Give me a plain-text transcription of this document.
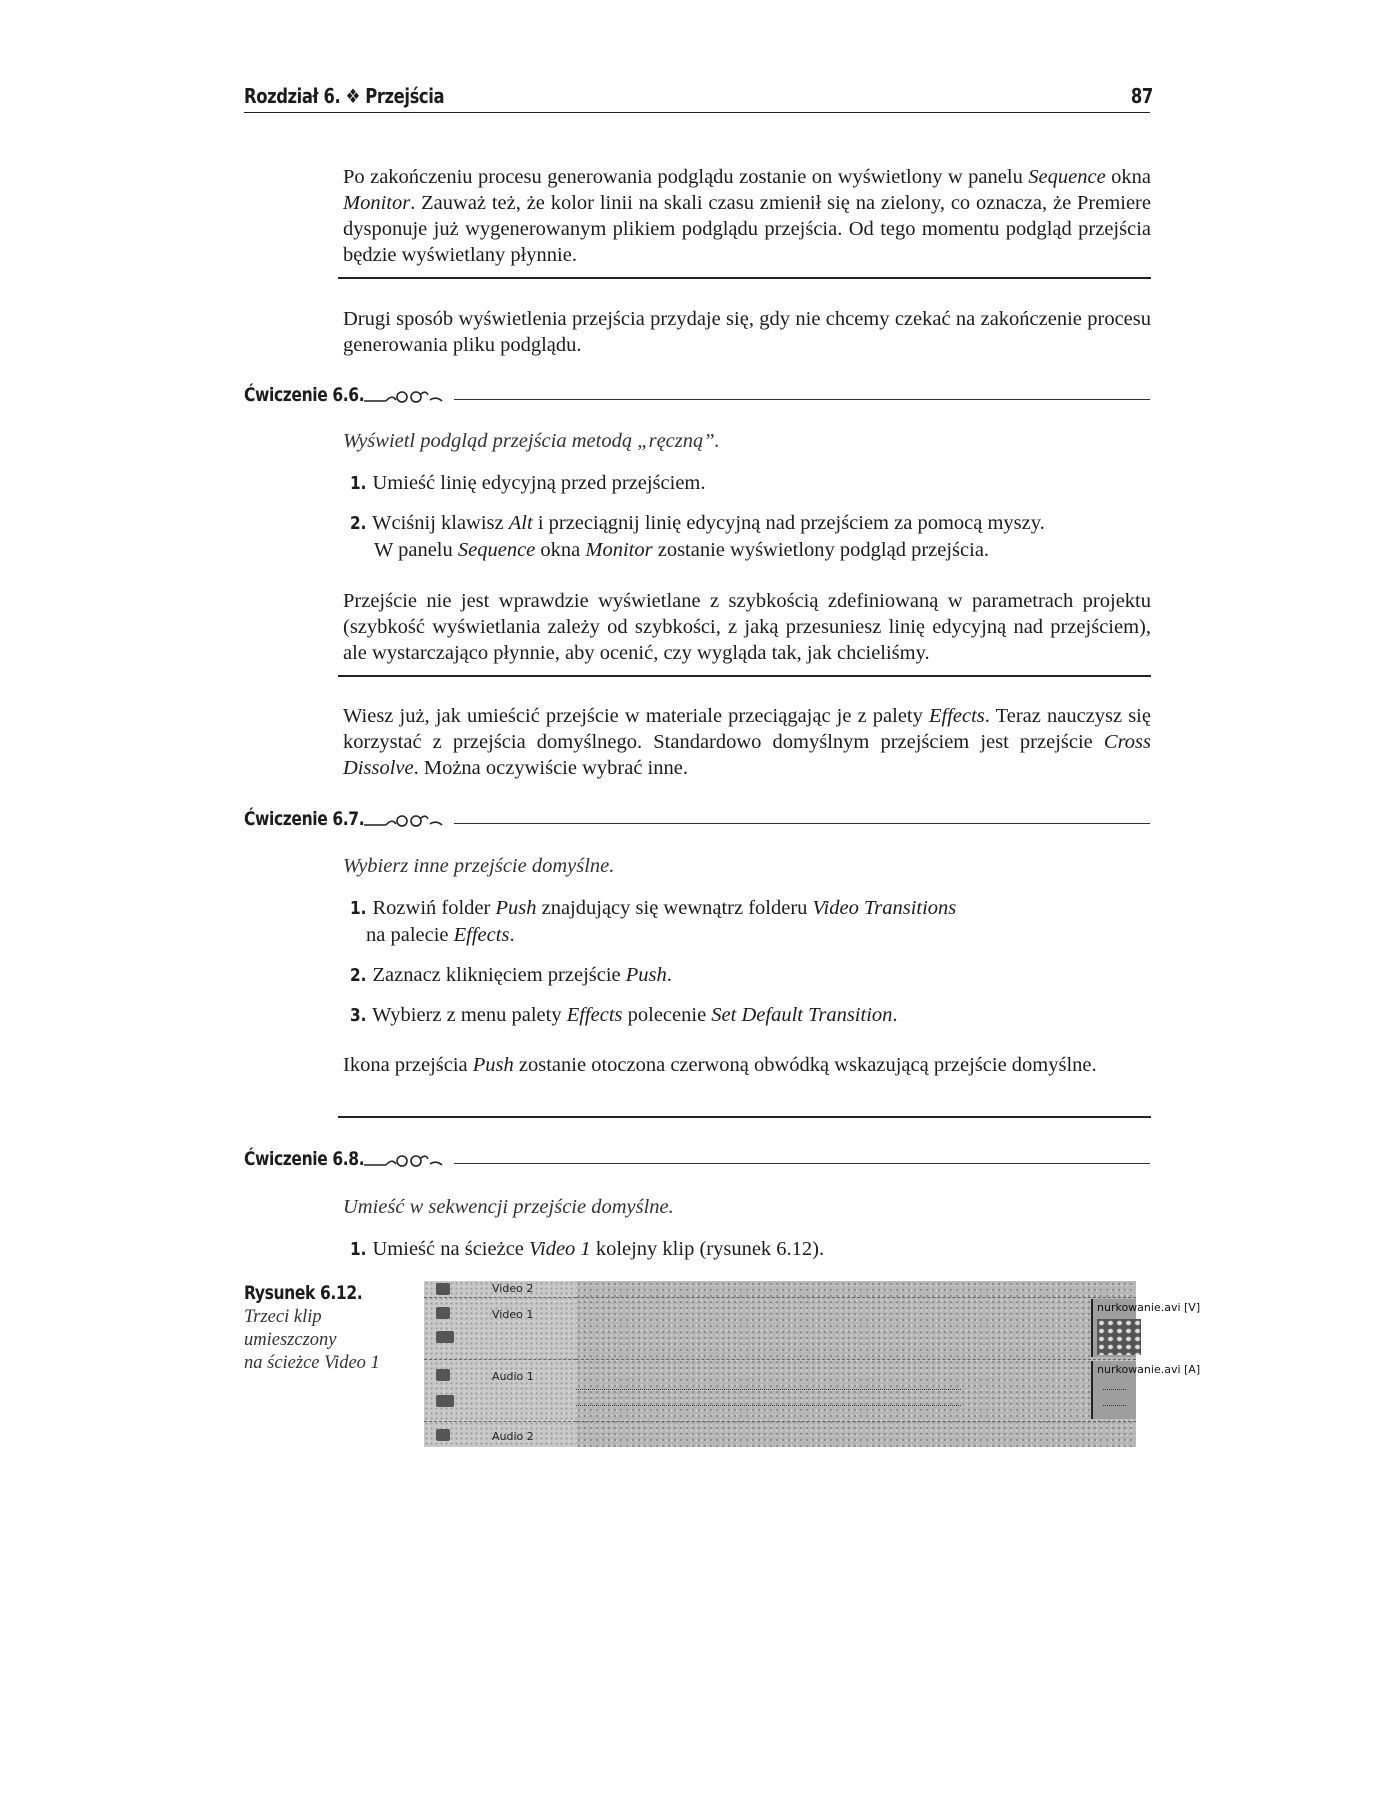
Rozdział 6. ❖ Przejścia	87
Po zakończeniu procesu generowania podglądu zostanie on wyświetlony w panelu Sequence okna Monitor. Zauważ też, że kolor linii na skali czasu zmienił się na zielony, co oznacza, że Premiere dysponuje już wygenerowanym plikiem podglądu przejścia. Od tego momentu podgląd przejścia będzie wyświetlany płynnie.
Drugi sposób wyświetlenia przejścia przydaje się, gdy nie chcemy czekać na zakończenie procesu generowania pliku podglądu.
Ćwiczenie 6.6.
Wyświetl podgląd przejścia metodą „ręczną”.
1. Umieść linię edycyjną przed przejściem.
2. Wciśnij klawisz Alt i przeciągnij linię edycyjną nad przejściem za pomocą myszy.
W panelu Sequence okna Monitor zostanie wyświetlony podgląd przejścia.
Przejście nie jest wprawdzie wyświetlane z szybkością zdefiniowaną w parametrach projektu (szybkość wyświetlania zależy od szybkości, z jaką przesuniesz linię edycyjną nad przejściem), ale wystarczająco płynnie, aby ocenić, czy wygląda tak, jak chcieliśmy.
Wiesz już, jak umieścić przejście w materiale przeciągając je z palety Effects. Teraz nauczysz się korzystać z przejścia domyślnego. Standardowo domyślnym przejściem jest przejście Cross Dissolve. Można oczywiście wybrać inne.
Ćwiczenie 6.7.
Wybierz inne przejście domyślne.
1. Rozwiń folder Push znajdujący się wewnątrz folderu Video Transitions
na palecie Effects.
2. Zaznacz kliknięciem przejście Push.
3. Wybierz z menu palety Effects polecenie Set Default Transition.
Ikona przejścia Push zostanie otoczona czerwoną obwódką wskazującą przejście domyślne.
Ćwiczenie 6.8.
Umieść w sekwencji przejście domyślne.
1. Umieść na ścieżce Video 1 kolejny klip (rysunek 6.12).
Rysunek 6.12.
Trzeci klip
umieszczony
na ścieżce Video 1
Video 2
Video 1
Audio 1
Audio 2
nurkowanie.avi [V]
nurkowanie.avi [A]
